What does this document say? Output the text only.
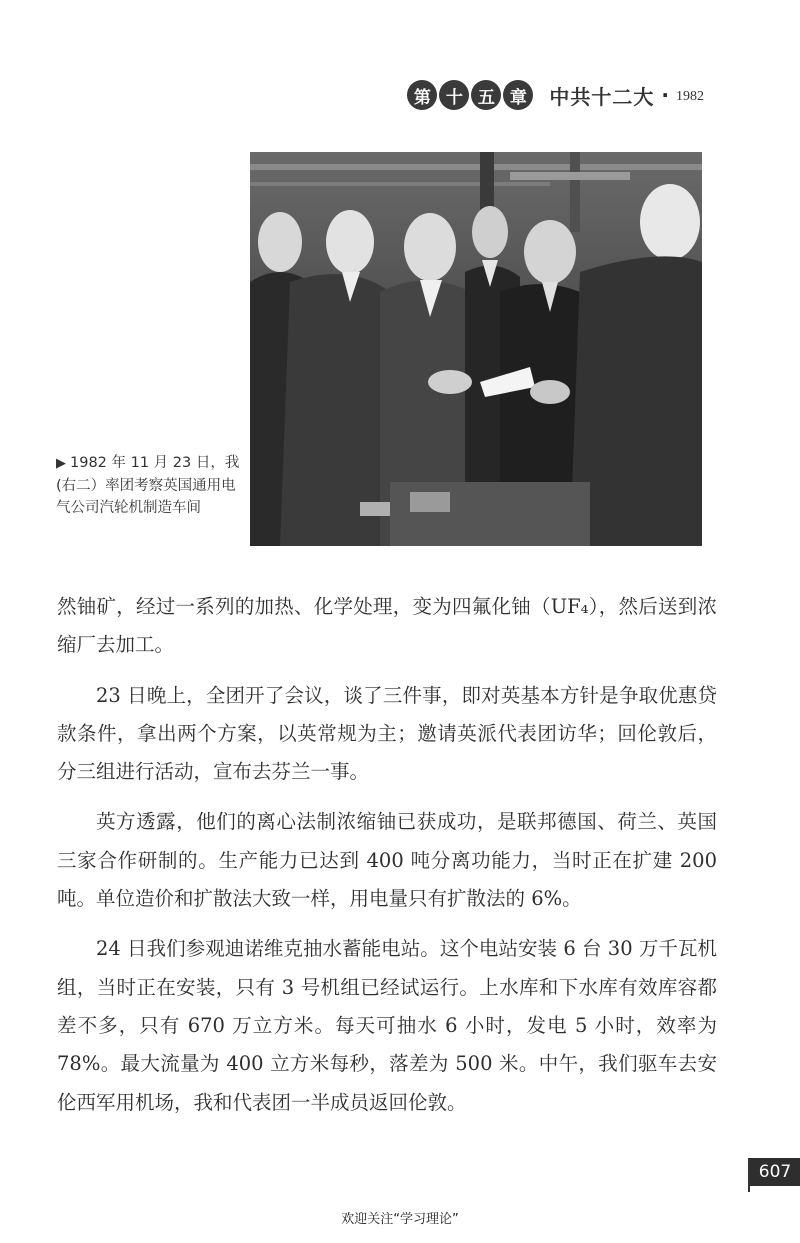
第 十 五 章	中共十二大 · 1982
▶ 1982 年 11 月 23 日，我(右二）率团考察英国通用电气公司汽轮机制造车间

然铀矿，经过一系列的加热、化学处理，变为四氟化铀（UF₄），然后送到浓缩厂去加工。

23 日晚上，全团开了会议，谈了三件事，即对英基本方针是争取优惠贷款条件，拿出两个方案，以英常规为主；邀请英派代表团访华；回伦敦后，分三组进行活动，宣布去芬兰一事。

英方透露，他们的离心法制浓缩铀已获成功，是联邦德国、荷兰、英国三家合作研制的。生产能力已达到 400 吨分离功能力，当时正在扩建 200 吨。单位造价和扩散法大致一样，用电量只有扩散法的 6%。

24 日我们参观迪诺维克抽水蓄能电站。这个电站安装 6 台 30 万千瓦机组，当时正在安装，只有 3 号机组已经试运行。上水库和下水库有效库容都差不多，只有 670 万立方米。每天可抽水 6 小时，发电 5 小时，效率为 78%。最大流量为 400 立方米每秒，落差为 500 米。中午，我们驱车去安伦西军用机场，我和代表团一半成员返回伦敦。

607
欢迎关注“学习理论”
